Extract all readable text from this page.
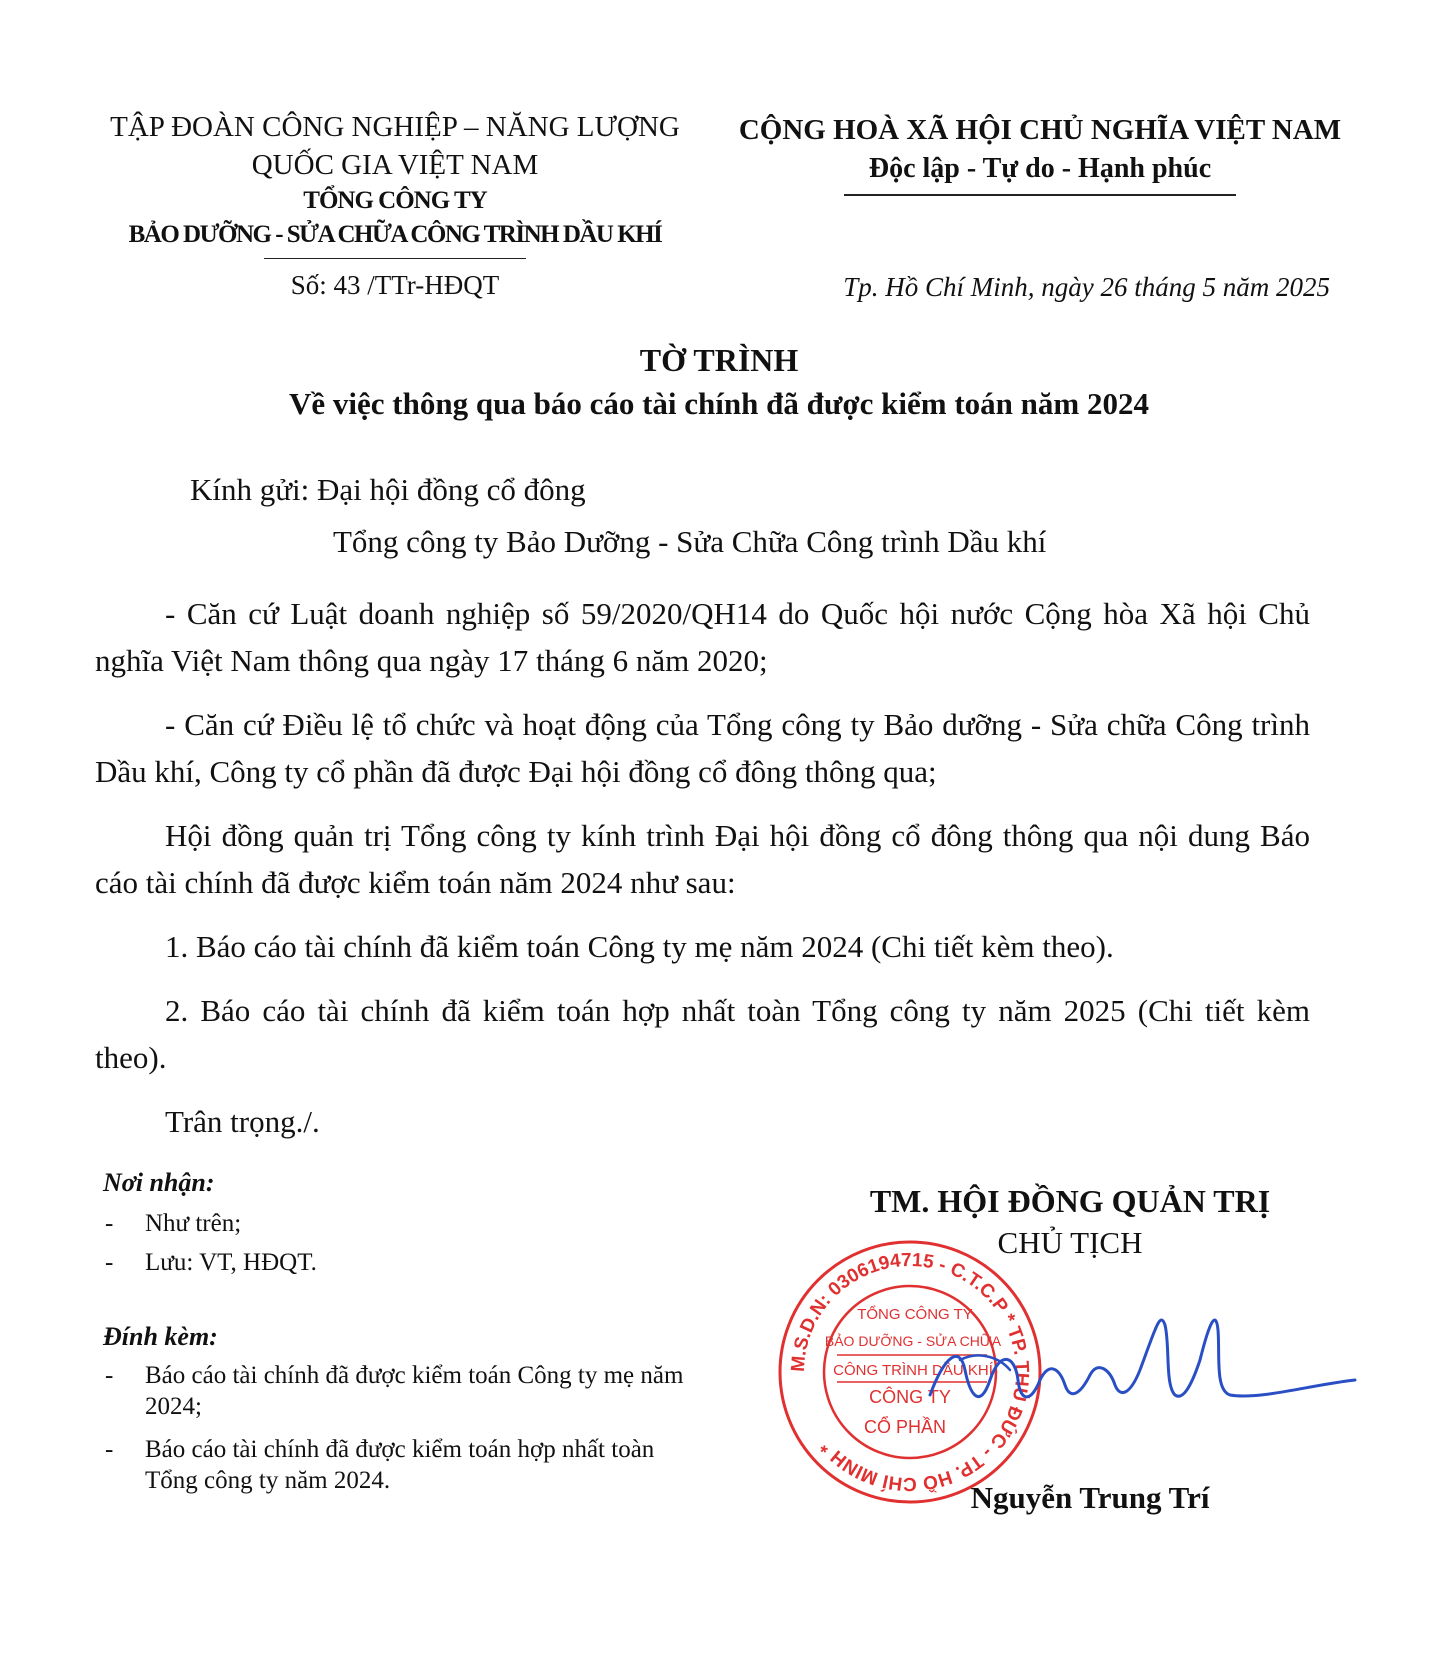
TẬP ĐOÀN CÔNG NGHIỆP – NĂNG LƯỢNG
QUỐC GIA VIỆT NAM
TỔNG CÔNG TY
BẢO DƯỠNG - SỬA CHỮA CÔNG TRÌNH DẦU KHÍ
Số: 43 /TTr-HĐQT
CỘNG HOÀ XÃ HỘI CHỦ NGHĨA VIỆT NAM
Độc lập - Tự do - Hạnh phúc
Tp. Hồ Chí Minh, ngày 26 tháng 5 năm 2025
TỜ TRÌNH
Về việc thông qua báo cáo tài chính đã được kiểm toán năm 2024
Kính gửi: Đại hội đồng cổ đông
Tổng công ty Bảo Dưỡng - Sửa Chữa Công trình Dầu khí

- Căn cứ Luật doanh nghiệp số 59/2020/QH14 do Quốc hội nước Cộng hòa Xã hội Chủ nghĩa Việt Nam thông qua ngày 17 tháng 6 năm 2020;

- Căn cứ Điều lệ tổ chức và hoạt động của Tổng công ty Bảo dưỡng - Sửa chữa Công trình Dầu khí, Công ty cổ phần đã được Đại hội đồng cổ đông thông qua;

Hội đồng quản trị Tổng công ty kính trình Đại hội đồng cổ đông thông qua nội dung Báo cáo tài chính đã được kiểm toán năm 2024 như sau:

1. Báo cáo tài chính đã kiểm toán Công ty mẹ năm 2024 (Chi tiết kèm theo).

2. Báo cáo tài chính đã kiểm toán hợp nhất toàn Tổng công ty năm 2025 (Chi tiết kèm theo).

Trân trọng./.

Nơi nhận:
- Như trên;
- Lưu: VT, HĐQT.
Đính kèm:
- Báo cáo tài chính đã được kiểm toán Công ty mẹ năm 2024;
- Báo cáo tài chính đã được kiểm toán hợp nhất toàn Tổng công ty năm 2024.
TM. HỘI ĐỒNG QUẢN TRỊ
CHỦ TỊCH
M.S.D.N: 0306194715 - C.T.C.P * TP. THỦ ĐỨC - TP. HỒ CHÍ MINH *
TỔNG CÔNG TY
BẢO DƯỠNG - SỬA CHỮA
CÔNG TRÌNH DẦU KHÍ
CÔNG TY
CỔ PHẦN
Nguyễn Trung Trí
